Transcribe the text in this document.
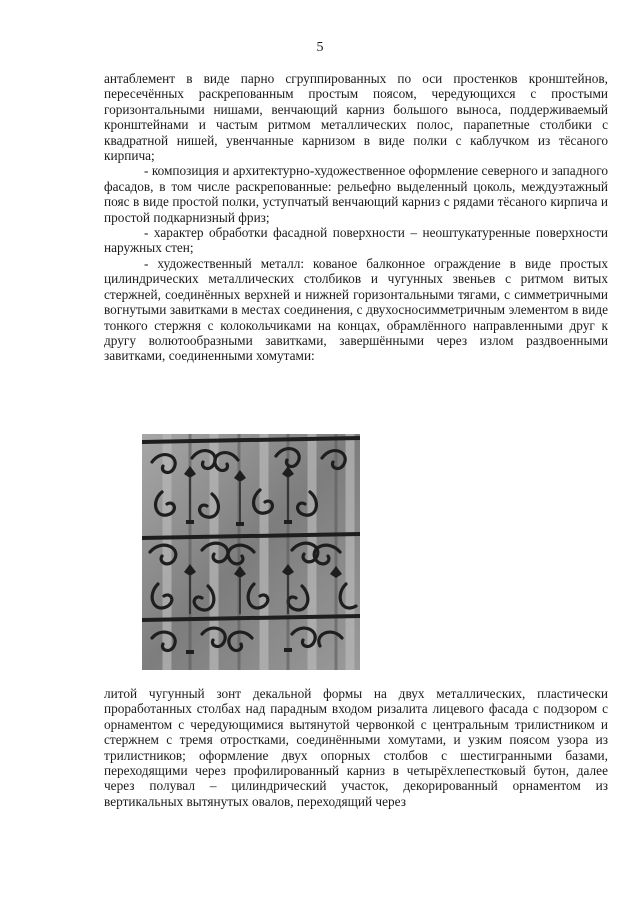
5

антаблемент в виде парно сгруппированных по оси простенков кронштейнов, пересечённых раскрепованным простым поясом, чередующихся с простыми горизонтальными нишами, венчающий карниз большого выноса, поддерживаемый кронштейнами и частым ритмом металлических полос, парапетные столбики с квадратной нишей, увенчанные карнизом в виде полки с каблучком из тёсаного кирпича;

- композиция и архитектурно-художественное оформление северного и западного фасадов, в том числе раскрепованные: рельефно выделенный цоколь, междуэтажный пояс в виде простой полки, уступчатый венчающий карниз с рядами тёсаного кирпича и простой подкарнизный фриз;

- характер обработки фасадной поверхности – неоштукатуренные поверхности наружных стен;

- художественный металл: кованое балконное ограждение в виде простых цилиндрических металлических столбиков и чугунных звеньев с ритмом витых стержней, соединённых верхней и нижней горизонтальными тягами, с симметричными вогнутыми завитками в местах соединения, с двухосносимметричным элементом в виде тонкого стержня с колокольчиками на концах, обрамлённого направленными друг к другу волютообразными завитками, завершёнными через излом раздвоенными завитками, соединенными хомутами:

литой чугунный зонт декальной формы на двух металлических, пластически проработанных столбах над парадным входом ризалита лицевого фасада с подзором с орнаментом с чередующимися вытянутой червонкой с центральным трилистником и стержнем с тремя отростками, соединёнными хомутами, и узким поясом узора из трилистников; оформление двух опорных столбов с шестигранными базами, переходящими через профилированный карниз в четырёхлепестковый бутон, далее через полувал – цилиндрический участок, декорированный орнаментом из вертикальных вытянутых овалов, переходящий через
